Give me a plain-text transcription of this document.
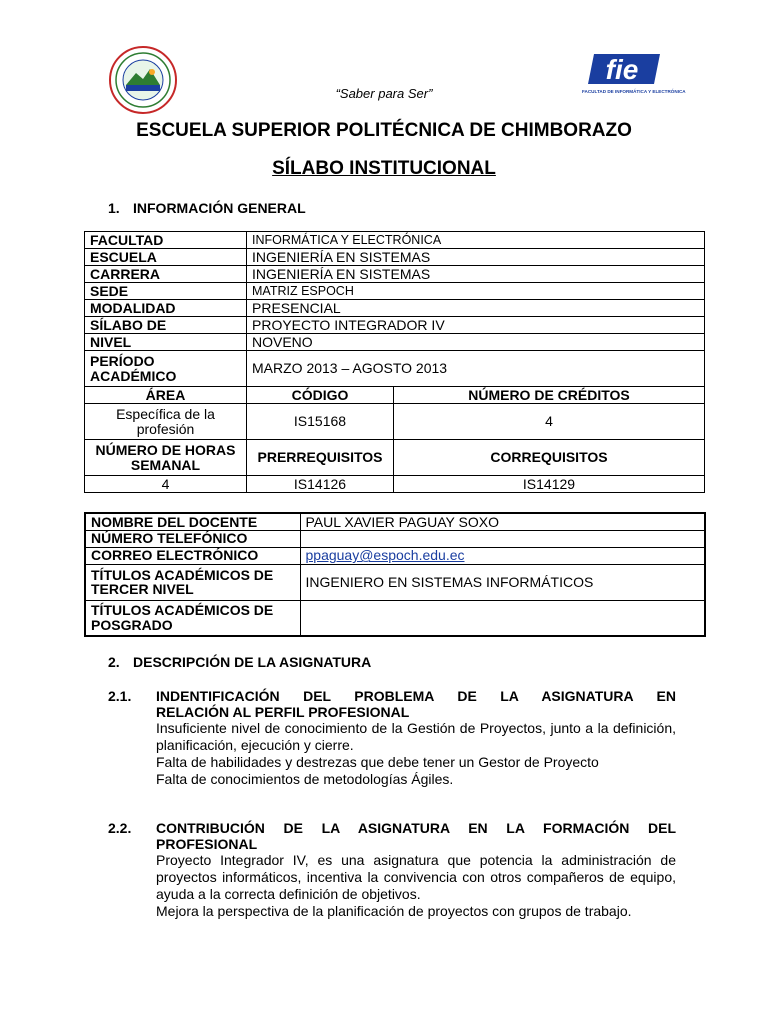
fie
FACULTAD DE INFORMÁTICA Y ELECTRÓNICA
“Saber para Ser”
ESCUELA SUPERIOR POLITÉCNICA DE CHIMBORAZO
SÍLABO INSTITUCIONAL
1. INFORMACIÓN GENERAL
FACULTAD	INFORMÁTICA Y ELECTRÓNICA	
ESCUELA	INGENIERÍA EN SISTEMAS	
CARRERA	INGENIERÍA EN SISTEMAS	
SEDE	MATRIZ ESPOCH	
MODALIDAD	PRESENCIAL	
SÍLABO DE	PROYECTO INTEGRADOR IV	
NIVEL	NOVENO	
PERÍODO ACADÉMICO	MARZO 2013 – AGOSTO 2013	
ÁREA	CÓDIGO	NÚMERO DE CRÉDITOS
Específica de la profesión	IS15168	4
NÚMERO DE HORAS SEMANAL	PRERREQUISITOS	CORREQUISITOS
4	IS14126	IS14129
NOMBRE DEL DOCENTE	PAUL XAVIER PAGUAY SOXO
NÚMERO TELEFÓNICO	
CORREO ELECTRÓNICO	ppaguay@espoch.edu.ec
TÍTULOS ACADÉMICOS DE TERCER NIVEL	INGENIERO EN SISTEMAS INFORMÁTICOS
TÍTULOS ACADÉMICOS DE POSGRADO	
2. DESCRIPCIÓN DE LA ASIGNATURA
2.1. INDENTIFICACIÓN DEL PROBLEMA DE LA ASIGNATURA EN
RELACIÓN AL PERFIL PROFESIONAL
Insuficiente nivel de conocimiento de la Gestión de Proyectos, junto a la definición, planificación, ejecución y cierre.
Falta de habilidades y destrezas que debe tener un Gestor de Proyecto
Falta de conocimientos de metodologías Ágiles.
2.2. CONTRIBUCIÓN DE LA ASIGNATURA EN LA FORMACIÓN DEL
PROFESIONAL
Proyecto Integrador IV, es una asignatura que potencia la administración de proyectos informáticos, incentiva la convivencia con otros compañeros de equipo, ayuda a la correcta definición de objetivos.
Mejora la perspectiva de la planificación de proyectos con grupos de trabajo.
